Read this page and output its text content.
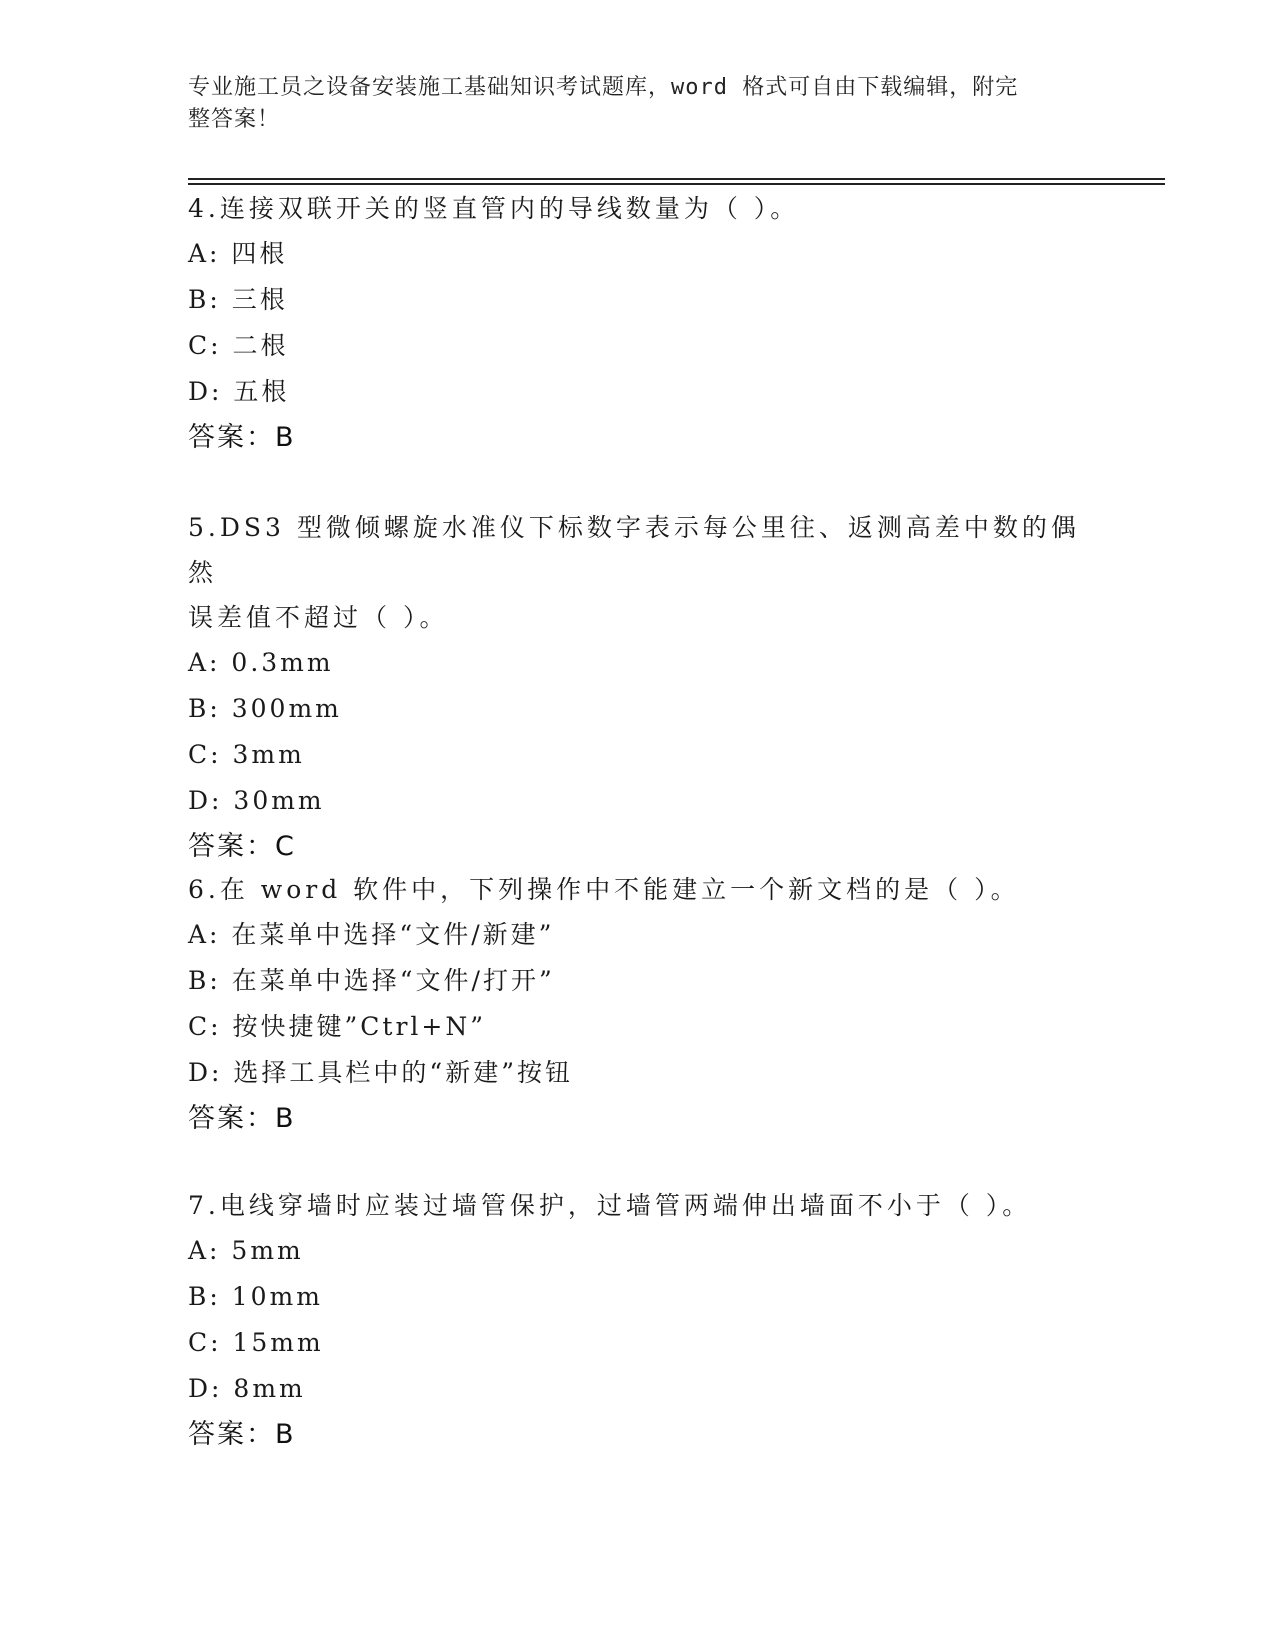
专业施工员之设备安装施工基础知识考试题库，word 格式可自由下载编辑，附完
整答案！
4.连接双联开关的竖直管内的导线数量为（ ）。
A: 四根
B: 三根
C: 二根
D: 五根
答案：B
5.DS3 型微倾螺旋水准仪下标数字表示每公里往、返测高差中数的偶然
误差值不超过（ ）。
A: 0.3mm
B: 300mm
C: 3mm
D: 30mm
答案：C
6.在 word 软件中，下列操作中不能建立一个新文档的是（ ）。
A: 在菜单中选择“文件/新建”
B: 在菜单中选择“文件/打开”
C: 按快捷键”Ctrl+N”
D: 选择工具栏中的“新建”按钮
答案：B
7.电线穿墙时应装过墙管保护，过墙管两端伸出墙面不小于（ ）。
A: 5mm
B: 10mm
C: 15mm
D: 8mm
答案：B
